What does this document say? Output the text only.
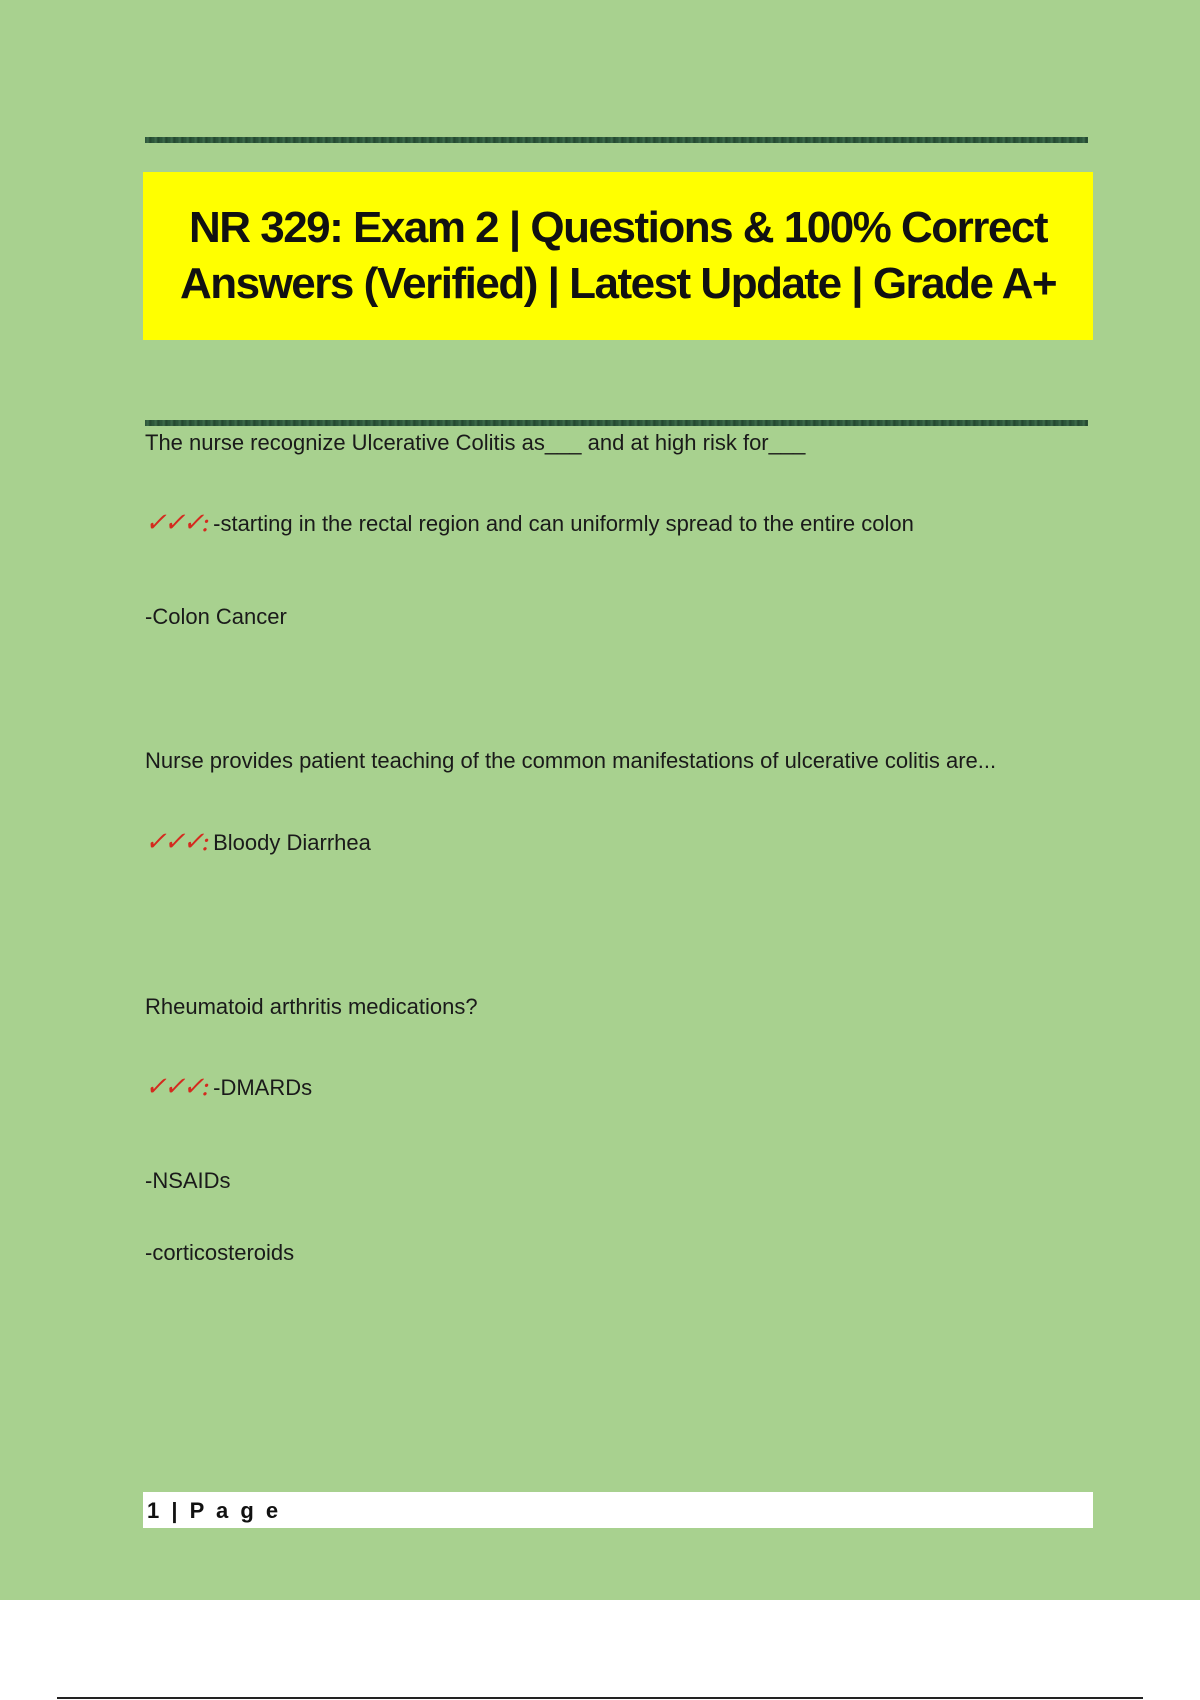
NR 329: Exam 2 | Questions & 100% Correct Answers (Verified) | Latest Update | Grade A+
The nurse recognize Ulcerative Colitis as___ and at high risk for___
✓✓✓: -starting in the rectal region and can uniformly spread to the entire colon
-Colon Cancer
Nurse provides patient teaching of the common manifestations of ulcerative colitis are...
✓✓✓: Bloody Diarrhea
Rheumatoid arthritis medications?
✓✓✓: -DMARDs
-NSAIDs
-corticosteroids
1 | P a g e
